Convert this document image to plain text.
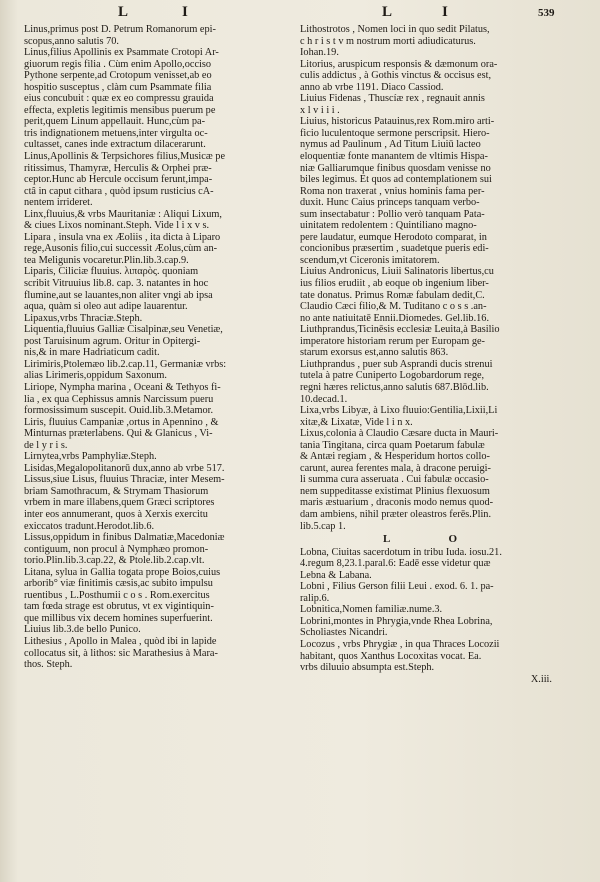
L	I	L	I	539
Linus,primus post D. Petrum Romanorum epi-
scopus,anno salutis 70.
Linus,filius Apollinis ex Psammate Crotopi Ar-
giuorum regis filia . Cùm enim Apollo,occiso
Pythone serpente,ad Crotopum venisset,ab eo
hospitio susceptus , clàm cum Psammate filia
eius concubuit : quæ ex eo compressu grauida
effecta, expletis legitimis mensibus puerum pe
perit,quem Linum appellauit. Hunc,cùm pa-
tris indignationem metuens,inter virgulta oc-
cultasset, canes inde extractum dilacerarunt.
Linus,Apollinis & Terpsichores filius,Musicæ pe
ritissimus, Thamyræ, Herculis & Orphei præ-
ceptor.Hunc ab Hercule occisum ferunt,impa-
ctâ in caput cithara , quòd ipsum rusticius cA-
nentem irrideret.
Linx,fluuius,& vrbs Mauritaniæ : Aliqui Lixum,
& ciues Lixos nominant.Steph. Vide l i x v s.
Lipara , insula vna ex Æoliis , ita dicta à Liparo
rege,Ausonis filio,cui successit Æolus,cùm an-
tea Meligunis vocaretur.Plin.lib.3.cap.9.
Liparis, Ciliciæ fluuius. λιπαρὸς. quoniam
scribit Vitruuius lib.8. cap. 3. natantes in hoc
flumine,aut se lauantes,non aliter vngi ab ipsa
aqua, quàm si oleo aut adipe lauarentur.
Lipaxus,vrbs Thraciæ.Steph.
Liquentia,fluuius Galliæ Cisalpinæ,seu Venetiæ,
post Taruisinum agrum. Oritur in Opitergi-
nis,& in mare Hadriaticum cadit.
Lirimiris,Ptolemæo lib.2.cap.11, Germaniæ vrbs:
alias Lirimeris,oppidum Saxonum.
Liriope, Nympha marina , Oceani & Tethyos fi-
lia , ex qua Cephissus amnis Narcissum pueru
formosissimum suscepit. Ouid.lib.3.Metamor.
Liris, fluuius Campaniæ ,ortus in Apennino , &
Minturnas præterlabens. Qui & Glanicus , Vi-
de l y r i s.
Lirnytea,vrbs Pamphyliæ.Steph.
Lisidas,Megalopolitanorū dux,anno ab vrbe 517.
Lissus,siue Lisus, fluuius Thraciæ, inter Mesem-
briam Samothracum, & Strymam Thasiorum
vrbem in mare illabens,quem Græci scriptores
inter eos annumerant, quos à Xerxis exercitu
exiccatos tradunt.Herodot.lib.6.
Lissus,oppidum in finibus Dalmatiæ,Macedoniæ
contiguum, non procul à Nymphæo promon-
torio.Plin.lib.3.cap.22, & Ptole.lib.2.cap.vlt.
Litana, sylua in Gallia togata prope Boios,cuius
arborib° viæ finitimis cæsis,ac subito impulsu
ruentibus , L.Posthumii c o s . Rom.exercitus
tam fœda strage est obrutus, vt ex vigintiquin-
que millibus vix decem homines superfuerint.
Liuius lib.3.de bello Punico.
Lithesius , Apollo in Malea , quòd ibi in lapide
collocatus sit, à lithos: sic Marathesius à Mara-
thos. Steph.
Lithostrotos , Nomen loci in quo sedit Pilatus,
c h r i s t v m nostrum morti adiudicaturus.
Iohan.19.
Litorius, aruspicum responsis & dæmonum ora-
culis addictus , à Gothis vinctus & occisus est,
anno ab vrbe 1191. Diaco Cassiod.
Liuius Fidenas , Thuscíæ rex , regnauit annis
x l v i i i .
Liuius, historicus Patauinus,rex Rom.miro arti-
ficio luculentoque sermone perscripsit. Hiero-
nymus ad Paulinum , Ad Titum Liuiū lacteo
eloquentiæ fonte manantem de vltimis Hispa-
niæ Galliarumque finibus quosdam venisse no
biles legimus. Et quos ad contemplationem sui
Roma non traxerat , vnius hominis fama per-
duxit. Hunc Caius princeps tanquam verbo-
sum insectabatur : Pollio verò tanquam Pata-
uinitatem redolentem : Quintiliano magno-
pere laudatur, eumque Herodoto comparat, in
concionibus præsertim , suadetque pueris edi-
scendum,vt Ciceronis imitatorem.
Liuius Andronicus, Liuii Salinatoris libertus,cu
ius filios erudiit , ab eoque ob ingenium liber-
tate donatus. Primus Romæ fabulam dedit,C.
Claudio Cæci filio,& M. Tuditano c o s s .an-
no ante natiuitatē Ennii.Diomedes. Gel.lib.16.
Liuthprandus,Ticinēsis ecclesiæ Leuita,à Basilio
imperatore historiam rerum per Europam ge-
starum exorsus est,anno salutis 863.
Liuthprandus , puer sub Asprandi ducis strenui
tutela à patre Cuniperto Logobardorum rege,
regni hæres relictus,anno salutis 687.Blōd.lib.
10.decad.1.
Lixa,vrbs Libyæ, à Lixo fluuio:Gentilia,Lixii,Li
xitæ,& Lixatæ, Vide l i n x.
Lixus,colonia à Claudio Cæsare ducta in Mauri-
tania Tingitana, circa quam Poetarum fabulæ
& Antæi regiam , & Hesperidum hortos collo-
carunt, aurea ferentes mala, à dracone peruigi-
li summa cura asseruata . Cui fabulæ occasio-
nem suppeditasse existimat Plinius flexuosum
maris æstuarium , draconis modo nemus quod-
dam ambiens, nihil præter oleastros ferēs.Plin.
lib.5.cap 1.
L O
Lobna, Ciuitas sacerdotum in tribu Iuda. iosu.21.
4.regum 8,23.1.paral.6: Eadē esse videtur quæ
Lebna & Labana.
Lobni , Filius Gerson filii Leui . exod. 6. 1. pa-
ralip.6.
Lobnitica,Nomen familiæ.nume.3.
Lobrini,montes in Phrygia,vnde Rhea Lobrina,
Scholiastes Nicandri.
Locozus , vrbs Phrygiæ , in qua Thraces Locozii
habitant, quos Xanthus Locoxitas vocat. Ea.
vrbs diluuio absumpta est.Steph.
X.iii.
